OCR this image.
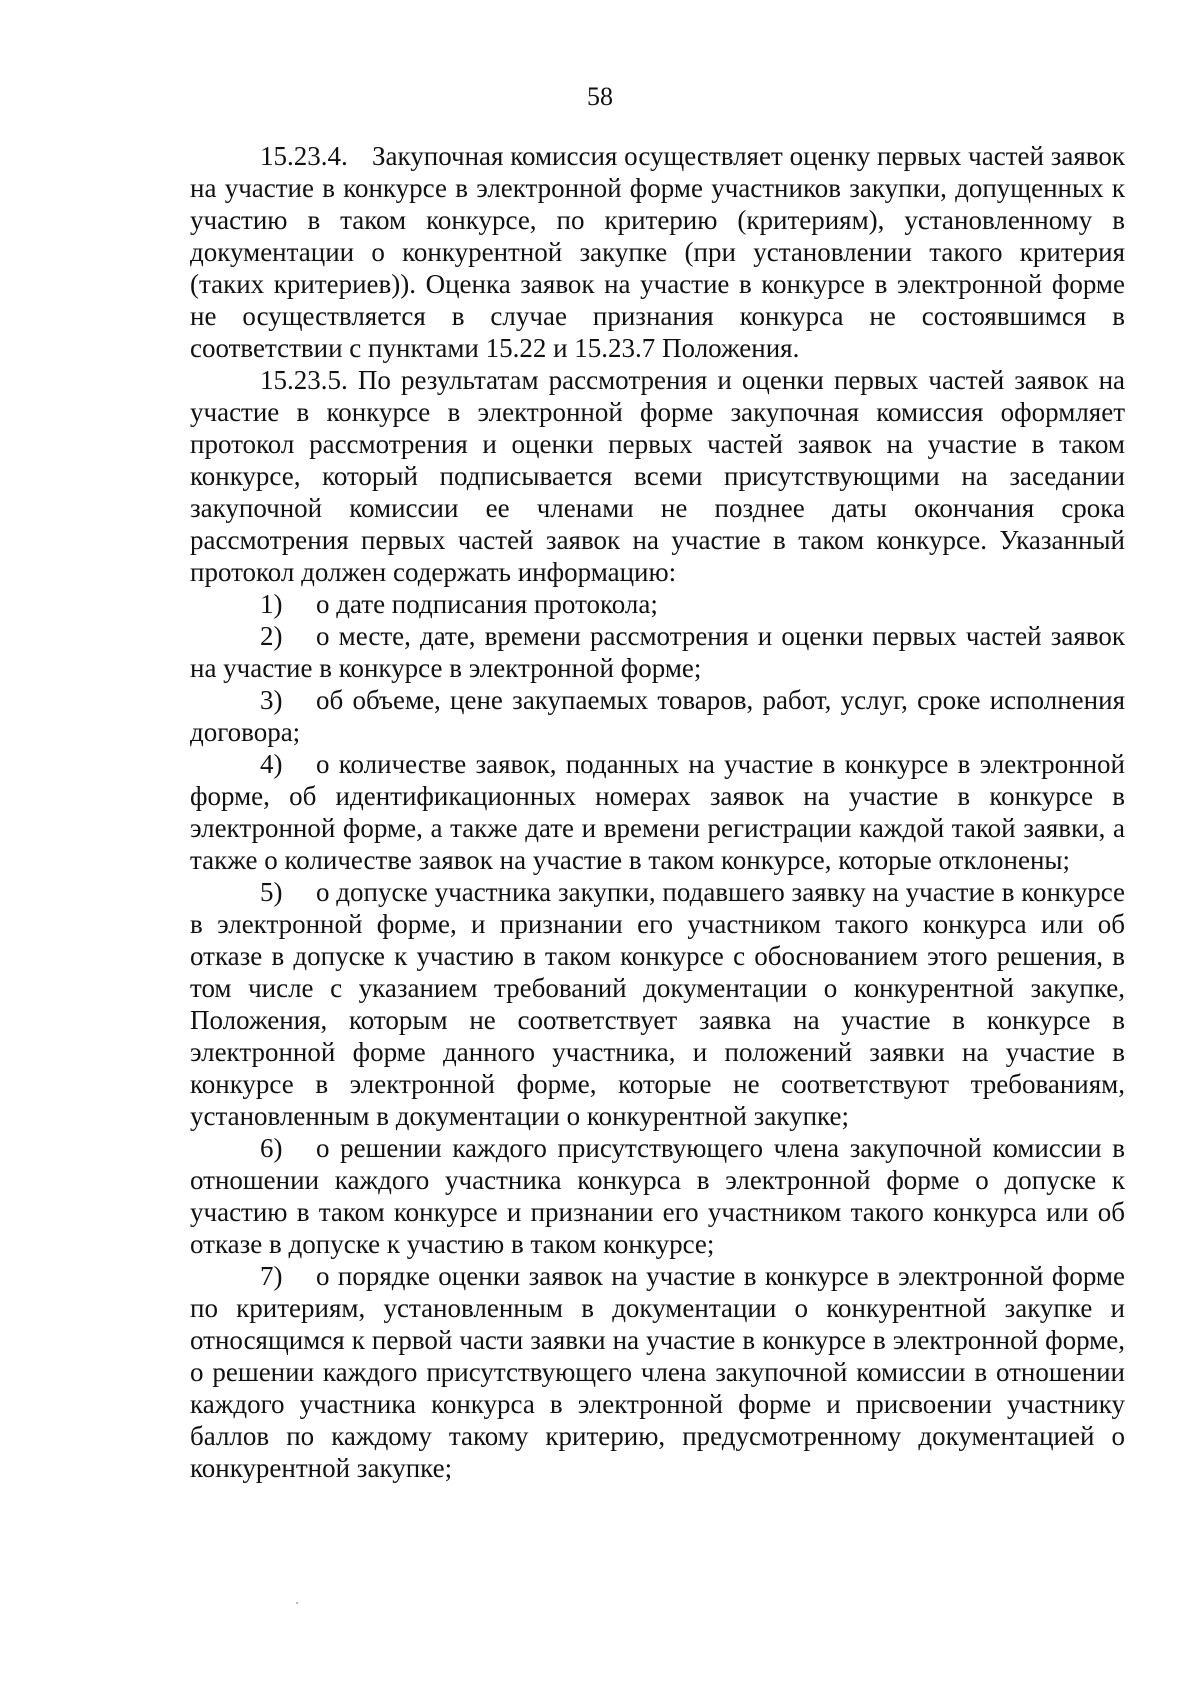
58

15.23.4. Закупочная комиссия осуществляет оценку первых частей заявок на участие в конкурсе в электронной форме участников закупки, допущенных к участию в таком конкурсе, по критерию (критериям), установленному в документации о конкурентной закупке (при установлении такого критерия (таких критериев)). Оценка заявок на участие в конкурсе в электронной форме не осуществляется в случае признания конкурса не состоявшимся в соответствии с пунктами 15.22 и 15.23.7 Положения.

15.23.5. По результатам рассмотрения и оценки первых частей заявок на участие в конкурсе в электронной форме закупочная комиссия оформляет протокол рассмотрения и оценки первых частей заявок на участие в таком конкурсе, который подписывается всеми присутствующими на заседании закупочной комиссии ее членами не позднее даты окончания срока рассмотрения первых частей заявок на участие в таком конкурсе. Указанный протокол должен содержать информацию:

1) о дате подписания протокола;

2) о месте, дате, времени рассмотрения и оценки первых частей заявок на участие в конкурсе в электронной форме;

3) об объеме, цене закупаемых товаров, работ, услуг, сроке исполнения договора;

4) о количестве заявок, поданных на участие в конкурсе в электронной форме, об идентификационных номерах заявок на участие в конкурсе в электронной форме, а также дате и времени регистрации каждой такой заявки, а также о количестве заявок на участие в таком конкурсе, которые отклонены;

5) о допуске участника закупки, подавшего заявку на участие в конкурсе в электронной форме, и признании его участником такого конкурса или об отказе в допуске к участию в таком конкурсе с обоснованием этого решения, в том числе с указанием требований документации о конкурентной закупке, Положения, которым не соответствует заявка на участие в конкурсе в электронной форме данного участника, и положений заявки на участие в конкурсе в электронной форме, которые не соответствуют требованиям, установленным в документации о конкурентной закупке;

6) о решении каждого присутствующего члена закупочной комиссии в отношении каждого участника конкурса в электронной форме о допуске к участию в таком конкурсе и признании его участником такого конкурса или об отказе в допуске к участию в таком конкурсе;

7) о порядке оценки заявок на участие в конкурсе в электронной форме по критериям, установленным в документации о конкурентной закупке и относящимся к первой части заявки на участие в конкурсе в электронной форме, о решении каждого присутствующего члена закупочной комиссии в отношении каждого участника конкурса в электронной форме и присвоении участнику баллов по каждому такому критерию, предусмотренному документацией о конкурентной закупке;
